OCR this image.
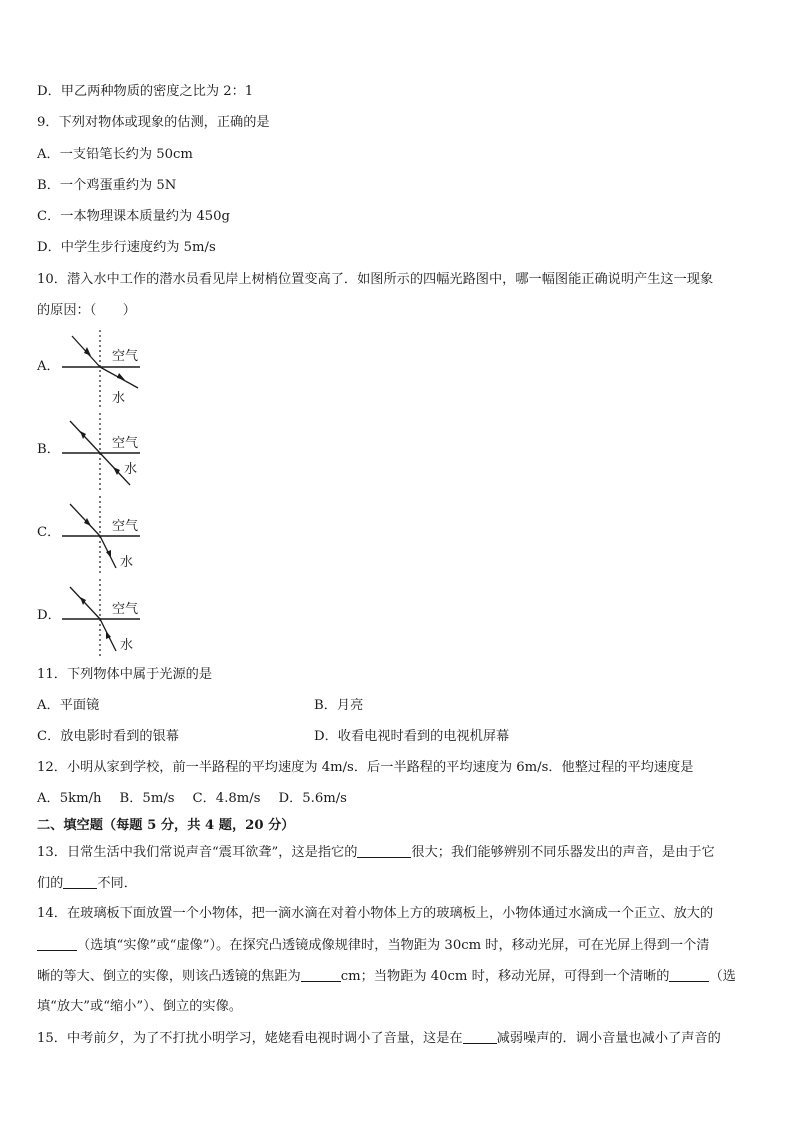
D．甲乙两种物质的密度之比为 2：1
9．下列对物体或现象的估测，正确的是
A．一支铅笔长约为 50cm
B．一个鸡蛋重约为 5N
C．一本物理课本质量约为 450g
D．中学生步行速度约为 5m/s
10．潜入水中工作的潜水员看见岸上树梢位置变高了．如图所示的四幅光路图中，哪一幅图能正确说明产生这一现象
的原因：（　　）
A．
空气
水
B．	空气
水
C．	空气
水
D．	空气
水
11．下列物体中属于光源的是
A．平面镜	B．月亮
C．放电影时看到的银幕	D．收看电视时看到的电视机屏幕
12．小明从家到学校，前一半路程的平均速度为 4m/s．后一半路程的平均速度为 6m/s．他整过程的平均速度是
A．5km/h B．5m/s C．4.8m/s D．5.6m/s
二、填空题（每题 5 分，共 4 题，20 分）
13．日常生活中我们常说声音“震耳欲聋”，这是指它的	很大；我们能够辨别不同乐器发出的声音，是由于它
们的	不同．
14．在玻璃板下面放置一个小物体，把一滴水滴在对着小物体上方的玻璃板上，小物体通过水滴成一个正立、放大的
（选填“实像”或“虚像”）。在探究凸透镜成像规律时，当物距为 30cm 时，移动光屏，可在光屏上得到一个清
晰的等大、倒立的实像，则该凸透镜的焦距为	cm；当物距为 40cm 时，移动光屏，可得到一个清晰的	（选
填“放大”或“缩小”）、倒立的实像。
15．中考前夕，为了不打扰小明学习，姥姥看电视时调小了音量，这是在	减弱噪声的．调小音量也减小了声音的
